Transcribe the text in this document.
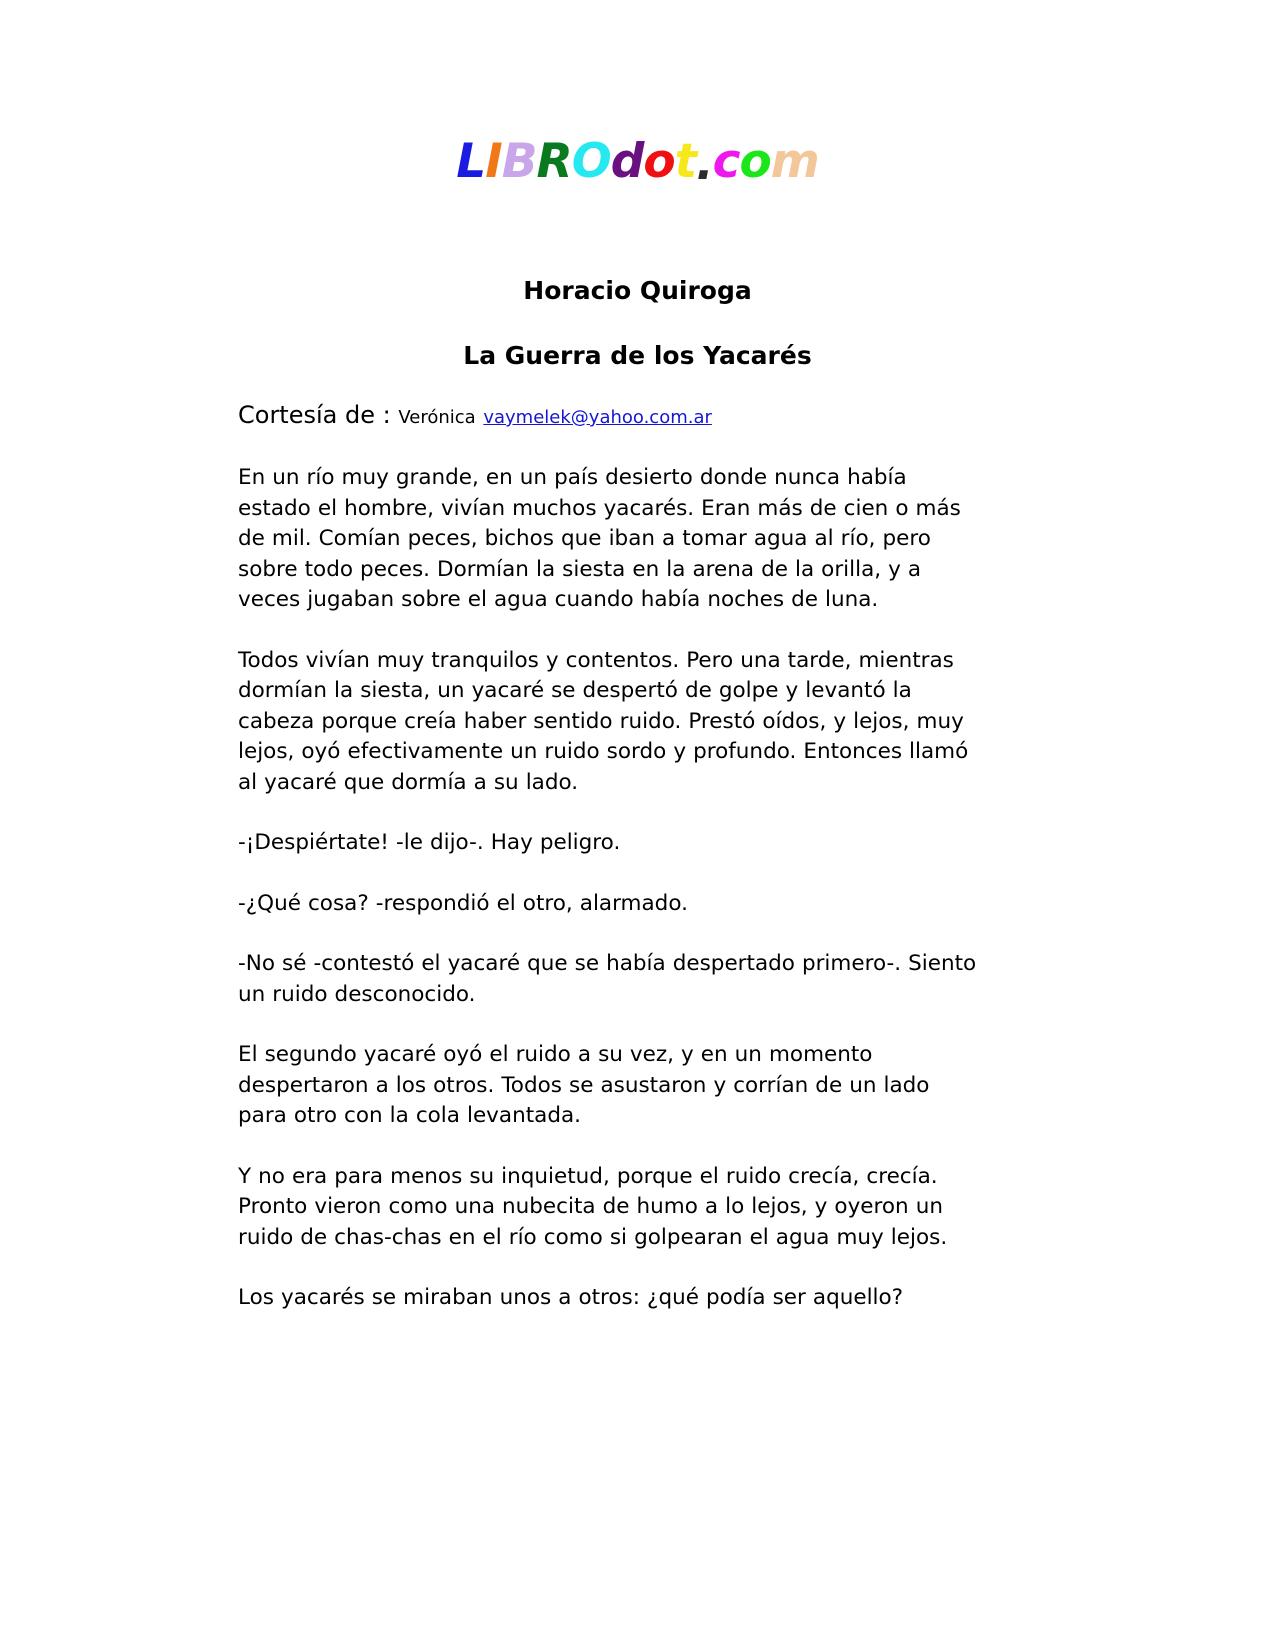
LIBROdot.com
Horacio Quiroga
La Guerra de los Yacarés
Cortesía de : Verónica vaymelek@yahoo.com.ar

En un río muy grande, en un país desierto donde nunca había estado el hombre, vivían muchos yacarés. Eran más de cien o más de mil. Comían peces, bichos que iban a tomar agua al río, pero sobre todo peces. Dormían la siesta en la arena de la orilla, y a veces jugaban sobre el agua cuando había noches de luna.

Todos vivían muy tranquilos y contentos. Pero una tarde, mientras dormían la siesta, un yacaré se despertó de golpe y levantó la cabeza porque creía haber sentido ruido. Prestó oídos, y lejos, muy lejos, oyó efectivamente un ruido sordo y profundo. Entonces llamó al yacaré que dormía a su lado.

-¡Despiértate! -le dijo-. Hay peligro.

-¿Qué cosa? -respondió el otro, alarmado.

-No sé -contestó el yacaré que se había despertado primero-. Siento un ruido desconocido.

El segundo yacaré oyó el ruido a su vez, y en un momento despertaron a los otros. Todos se asustaron y corrían de un lado para otro con la cola levantada.

Y no era para menos su inquietud, porque el ruido crecía, crecía. Pronto vieron como una nubecita de humo a lo lejos, y oyeron un ruido de chas-chas en el río como si golpearan el agua muy lejos.

Los yacarés se miraban unos a otros: ¿qué podía ser aquello?
